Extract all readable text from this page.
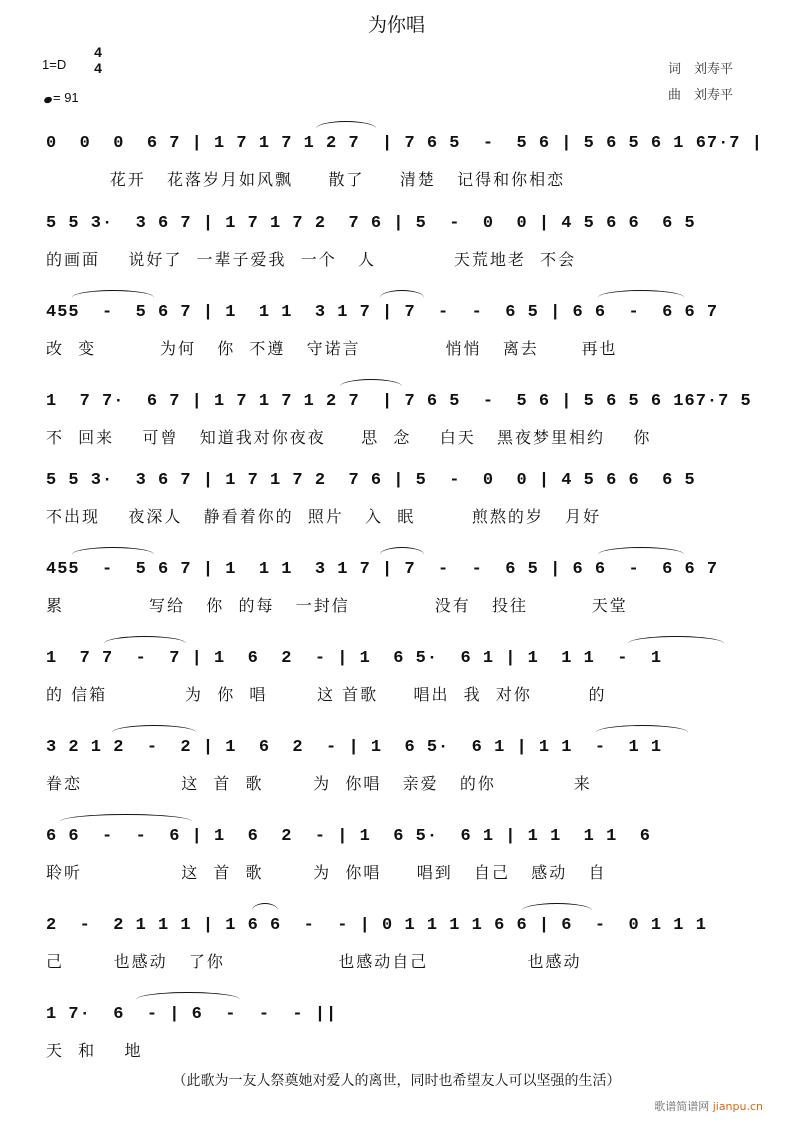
为你唱
1=D
4
4
= 91
词　刘寿平
曲　刘寿平
0  0  0  6 7 | 1 7 1 7 1 2 7  | 7 6 5  -  5 6 | 5 6 5 6 1 67·7 |
花开   花落岁月如风飘     散了     清楚   记得和你相恋
5 5 3·  3 6 7 | 1 7 1 7 2  7 6 | 5  -  0  0 | 4 5 6 6  6 5
的画面    说好了  一辈子爱我  一个   人           天荒地老  不会
455  -  5 6 7 | 1  1 1  3 1 7 | 7  -  -  6 5 | 6 6  -  6 6 7
改  变         为何   你  不遵   守诺言            悄悄   离去      再也
1  7 7·  6 7 | 1 7 1 7 1 2 7  | 7 6 5  -  5 6 | 5 6 5 6 167·7 5
不  回来    可曾   知道我对你夜夜     思  念    白天   黑夜梦里相约    你
5 5 3·  3 6 7 | 1 7 1 7 2  7 6 | 5  -  0  0 | 4 5 6 6  6 5
不出现    夜深人   静看着你的  照片   入  眠        煎熬的岁   月好
455  -  5 6 7 | 1  1 1  3 1 7 | 7  -  -  6 5 | 6 6  -  6 6 7
累            写给   你  的每   一封信            没有   投往         天堂
1  7 7  -  7 | 1  6  2  - | 1  6 5·  6 1 | 1  1 1  -  1
的 信箱           为  你  唱       这 首歌     唱出  我  对你        的
3 2 1 2  -  2 | 1  6  2  - | 1  6 5·  6 1 | 1 1  -  1 1
眷恋              这  首  歌       为  你唱   亲爱   的你           来
6 6  -  -  6 | 1  6  2  - | 1  6 5·  6 1 | 1 1  1 1  6
聆听              这  首  歌       为  你唱     唱到   自己   感动   自
2  -  2 1 1 1 | 1 6 6  -  - | 0 1 1 1 1 6 6 | 6  -  0 1 1 1
己       也感动   了你                也感动自己              也感动
1 7·  6  - | 6  -  -  - ||
天  和    地
（此歌为一友人祭奠她对爱人的离世，同时也希望友人可以坚强的生活）
歌谱简谱网 jianpu.cn
